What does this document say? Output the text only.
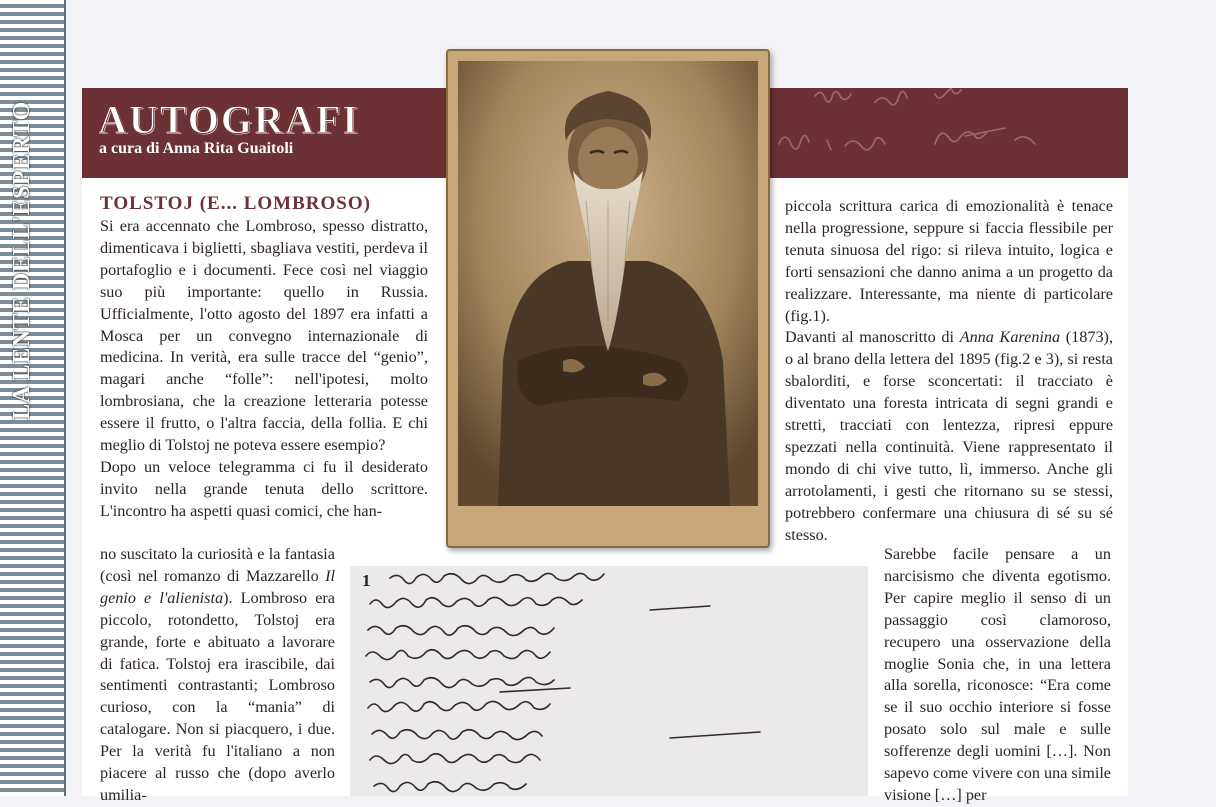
LA LENTE DELL'ESPERTO AUTOGRAFI
a cura di Anna Rita Guaitoli
TOLSTOJ (E... LOMBROSO)

Si era accennato che Lombroso, spesso distratto, dimenticava i biglietti, sbagliava vestiti, perdeva il portafoglio e i documenti. Fece così nel viaggio suo più importante: quello in Russia. Ufficialmente, l'otto agosto del 1897 era infatti a Mosca per un convegno internazionale di medicina. In verità, era sulle tracce del “genio”, magari anche “folle”: nell'ipotesi, molto lombrosiana, che la creazione letteraria potesse essere il frutto, o l'altra faccia, della follia. E chi meglio di Tolstoj ne poteva essere esempio?

Dopo un veloce telegramma ci fu il desiderato invito nella grande tenuta dello scrittore. L'incontro ha aspetti quasi comici, che han-

no suscitato la curiosità e la fantasia (così nel romanzo di Mazzarello Il genio e l'alienista). Lombroso era piccolo, rotondetto, Tolstoj era grande, forte e abituato a lavorare di fatica. Tolstoj era irascibile, dai sentimenti contrastanti; Lombroso curioso, con la “mania” di catalogare. Non si piacquero, i due. Per la verità fu l'italiano a non piacere al russo che (dopo averlo umilia-

piccola scrittura carica di emozionalità è tenace nella progressione, seppure si faccia flessibile per tenuta sinuosa del rigo: si rileva intuito, logica e forti sensazioni che danno anima a un progetto da realizzare. Interessante, ma niente di particolare (fig.1).

Davanti al manoscritto di Anna Karenina (1873), o al brano della lettera del 1895 (fig.2 e 3), si resta sbalorditi, e forse sconcertati: il tracciato è diventato una foresta intricata di segni grandi e stretti, tracciati con lentezza, ripresi eppure spezzati nella continuità. Viene rappresentato il mondo di chi vive tutto, lì, immerso. Anche gli arrotolamenti, i gesti che ritornano su se stessi, potrebbero confermare una chiusura di sé su sé stesso.

Sarebbe facile pensare a un narcisismo che diventa egotismo. Per capire meglio il senso di un passaggio così clamoroso, recupero una osservazione della moglie Sonia che, in una lettera alla sorella, riconosce: “Era come se il suo occhio interiore si fosse posato solo sul male e sulle sofferenze degli uomini […]. Non sapevo come vivere con una simile visione […] per

1
